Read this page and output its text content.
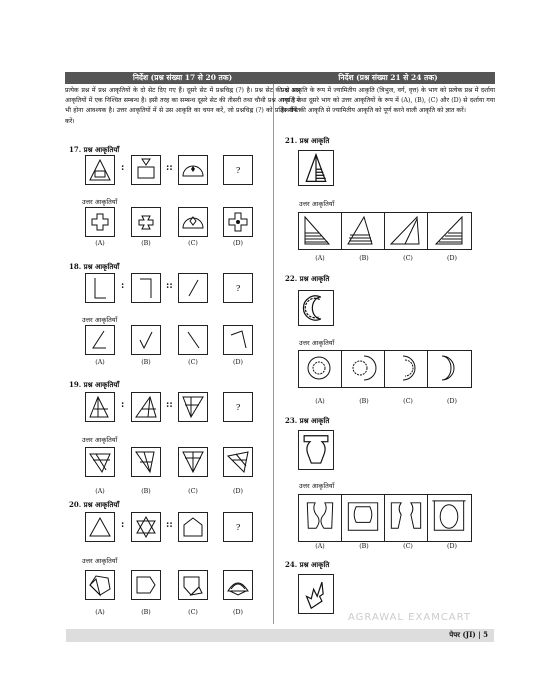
निर्देश (प्रश्न संख्या 17 से 20 तक)

प्रत्येक प्रश्न में प्रश्न आकृतियों के दो सेट दिए गए हैं। दूसरे सेट में प्रश्नचिह्न (?) है। प्रश्न सेट की दो प्रश्न आकृतियों में एक निश्चित सम्बन्ध है। इसी तरह का सम्बन्ध दूसरे सेट की तीसरी तथा चौथी प्रश्न आकृति में भी होना आवश्यक है। उत्तर आकृतियों में से उस आकृति का चयन करें, जो प्रश्नचिह्न (?) को प्रतिस्थापित करें।

17. प्रश्न आकृतियाँ
:	::	?
उत्तर आकृतियाँ
(A)	(B)	(C)	(D)
18. प्रश्न आकृतियाँ
:	::	?
उत्तर आकृतियाँ
(A)	(B)	(C)	(D)
19. प्रश्न आकृतियाँ
:	::	?
उत्तर आकृतियाँ
(A)	(B)	(C)	(D)
20. प्रश्न आकृतियाँ
:	::	?
उत्तर आकृतियाँ
(A)	(B)	(C)	(D)
निर्देश (प्रश्न संख्या 21 से 24 तक)

प्रश्न आकृति के रूप में ज्यामितीय आकृति (त्रिभुज, वर्ग, वृत्त) के भाग को प्रत्येक प्रश्न में दर्शाया गया है तथा दूसरे भाग को उत्तर आकृतियों के रूप में (A), (B), (C) और (D) से दर्शाया गया है। नीचे की आकृति से ज्यामितीय आकृति को पूर्ण करने वाली आकृति को ज्ञात करें।

21. प्रश्न आकृति
उत्तर आकृतियाँ
(A)	(B)	(C)	(D)
22. प्रश्न आकृति
उत्तर आकृतियाँ
(A)	(B)	(C)	(D)
23. प्रश्न आकृति
उत्तर आकृतियाँ
(A)	(B)	(C)	(D)
24. प्रश्न आकृति
AGRAWAL EXAMCART
पेपर (JI) | 5
